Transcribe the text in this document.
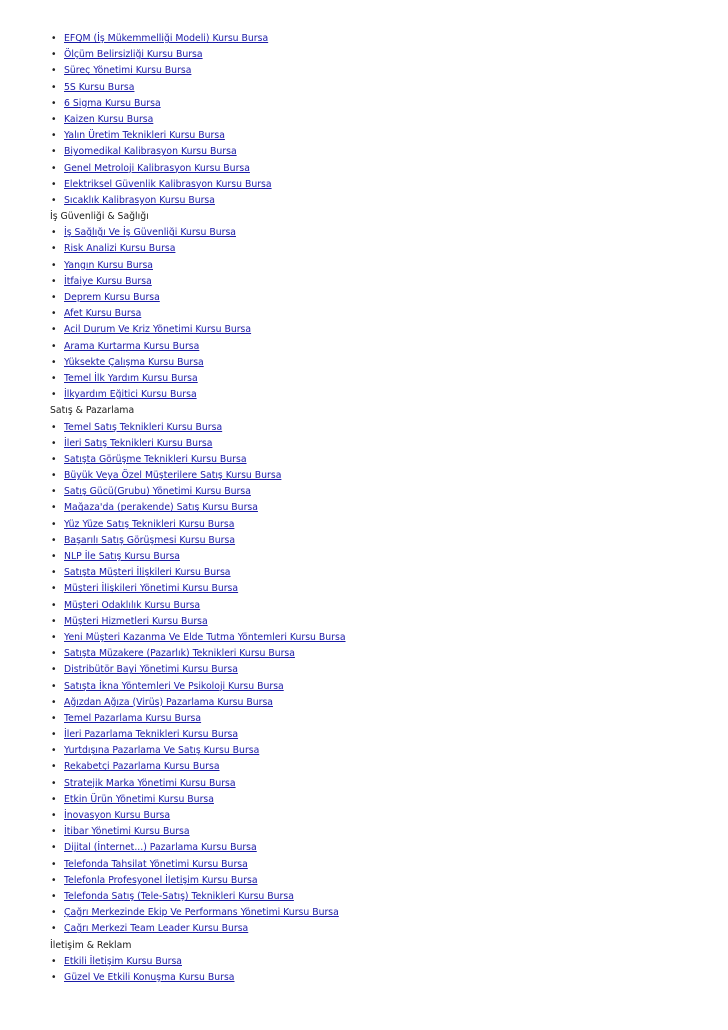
• EFQM (İş Mükemmelliği Modeli) Kursu Bursa
• Ölçüm Belirsizliği Kursu Bursa
• Süreç Yönetimi Kursu Bursa
• 5S Kursu Bursa
• 6 Sigma Kursu Bursa
• Kaizen Kursu Bursa
• Yalın Üretim Teknikleri Kursu Bursa
• Biyomedikal Kalibrasyon Kursu Bursa
• Genel Metroloji Kalibrasyon Kursu Bursa
• Elektriksel Güvenlik Kalibrasyon Kursu Bursa
• Sıcaklık Kalibrasyon Kursu Bursa
İş Güvenliği & Sağlığı
• İş Sağlığı Ve İş Güvenliği Kursu Bursa
• Risk Analizi Kursu Bursa
• Yangın Kursu Bursa
• İtfaiye Kursu Bursa
• Deprem Kursu Bursa
• Afet Kursu Bursa
• Acil Durum Ve Kriz Yönetimi Kursu Bursa
• Arama Kurtarma Kursu Bursa
• Yüksekte Çalışma Kursu Bursa
• Temel İlk Yardım Kursu Bursa
• İlkyardım Eğitici Kursu Bursa
Satış & Pazarlama
• Temel Satış Teknikleri Kursu Bursa
• İleri Satış Teknikleri Kursu Bursa
• Satışta Görüşme Teknikleri Kursu Bursa
• Büyük Veya Özel Müşterilere Satış Kursu Bursa
• Satış Gücü(Grubu) Yönetimi Kursu Bursa
• Mağaza'da (perakende) Satış Kursu Bursa
• Yüz Yüze Satış Teknikleri Kursu Bursa
• Başarılı Satış Görüşmesi Kursu Bursa
• NLP İle Satış Kursu Bursa
• Satışta Müşteri İlişkileri Kursu Bursa
• Müşteri İlişkileri Yönetimi Kursu Bursa
• Müşteri Odaklılık Kursu Bursa
• Müşteri Hizmetleri Kursu Bursa
• Yeni Müşteri Kazanma Ve Elde Tutma Yöntemleri Kursu Bursa
• Satışta Müzakere (Pazarlık) Teknikleri Kursu Bursa
• Distribütör Bayi Yönetimi Kursu Bursa
• Satışta İkna Yöntemleri Ve Psikoloji Kursu Bursa
• Ağızdan Ağıza (Virüs) Pazarlama Kursu Bursa
• Temel Pazarlama Kursu Bursa
• İleri Pazarlama Teknikleri Kursu Bursa
• Yurtdışına Pazarlama Ve Satış Kursu Bursa
• Rekabetçi Pazarlama Kursu Bursa
• Stratejik Marka Yönetimi Kursu Bursa
• Etkin Ürün Yönetimi Kursu Bursa
• İnovasyon Kursu Bursa
• İtibar Yönetimi Kursu Bursa
• Dijital (İnternet...) Pazarlama Kursu Bursa
• Telefonda Tahsilat Yönetimi Kursu Bursa
• Telefonla Profesyonel İletişim Kursu Bursa
• Telefonda Satış (Tele-Satış) Teknikleri Kursu Bursa
• Çağrı Merkezinde Ekip Ve Performans Yönetimi Kursu Bursa
• Çağrı Merkezi Team Leader Kursu Bursa
İletişim & Reklam
• Etkili İletişim Kursu Bursa
• Güzel Ve Etkili Konuşma Kursu Bursa
